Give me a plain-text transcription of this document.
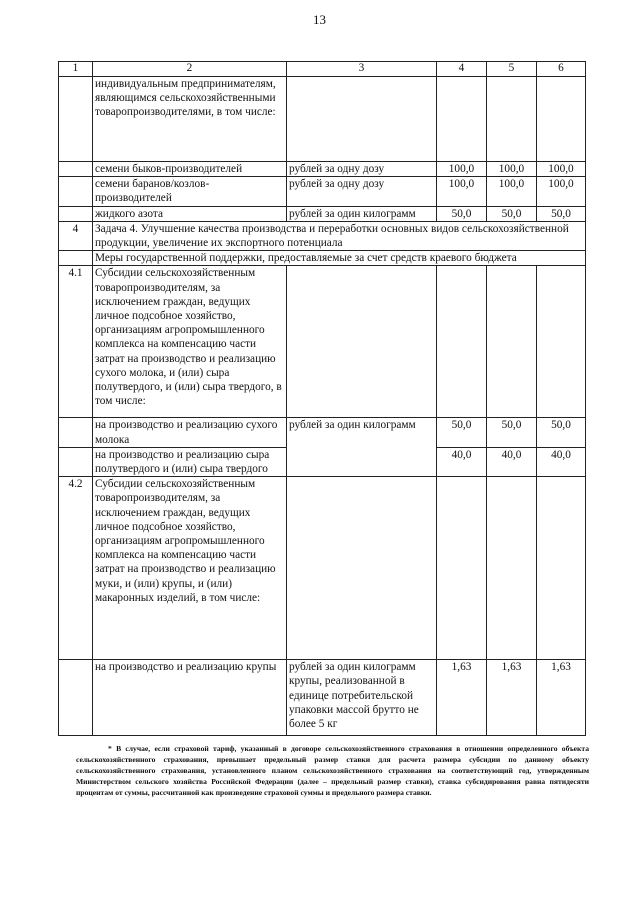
13
1	2	3	4	5	6
	индивидуальным предпринимателям, являющимся сельскохозяйственными товаропроизводителями, в том числе:				
	семени быков-производителей	рублей за одну дозу	100,0	100,0	100,0
	семени баранов/козлов-производителей	рублей за одну дозу	100,0	100,0	100,0
	жидкого азота	рублей за один килограмм	50,0	50,0	50,0
4	Задача 4. Улучшение качества производства и переработки основных видов сельскохозяйственной продукции, увеличение их экспортного потенциала				
	Меры государственной поддержки, предоставляемые за счет средств краевого бюджета				
4.1	Субсидии сельскохозяйственным товаропроизводителям, за исключением граждан, ведущих личное подсобное хозяйство, организациям агропромышленного комплекса на компенсацию части затрат на производство и реализацию сухого молока, и (или) сыра полутвердого, и (или) сыра твердого, в том числе:				
	на производство и реализацию сухого молока	рублей за один килограмм	50,0	50,0	50,0
	на производство и реализацию сыра полутвердого и (или) сыра твердого		40,0	40,0	40,0
4.2	Субсидии сельскохозяйственным товаропроизводителям, за исключением граждан, ведущих личное подсобное хозяйство, организациям агропромышленного комплекса на компенсацию части затрат на производство и реализацию муки, и (или) крупы, и (или) макаронных изделий, в том числе:				
	на производство и реализацию крупы	рублей за один килограмм крупы, реализованной в единице потребительской упаковки массой брутто не более 5 кг	1,63	1,63	1,63
* В случае, если страховой тариф, указанный в договоре сельскохозяйственного страхования в отношении определенного объекта сельскохозяйственного страхования, превышает предельный размер ставки для расчета размера субсидии по данному объекту сельскохозяйственного страхования, установленного планом сельскохозяйственного страхования на соответствующий год, утвержденным Министерством сельского хозяйства Российской Федерации (далее – предельный размер ставки), ставка субсидирования равна пятидесяти процентам от суммы, рассчитанной как произведение страховой суммы и предельного размера ставки.
